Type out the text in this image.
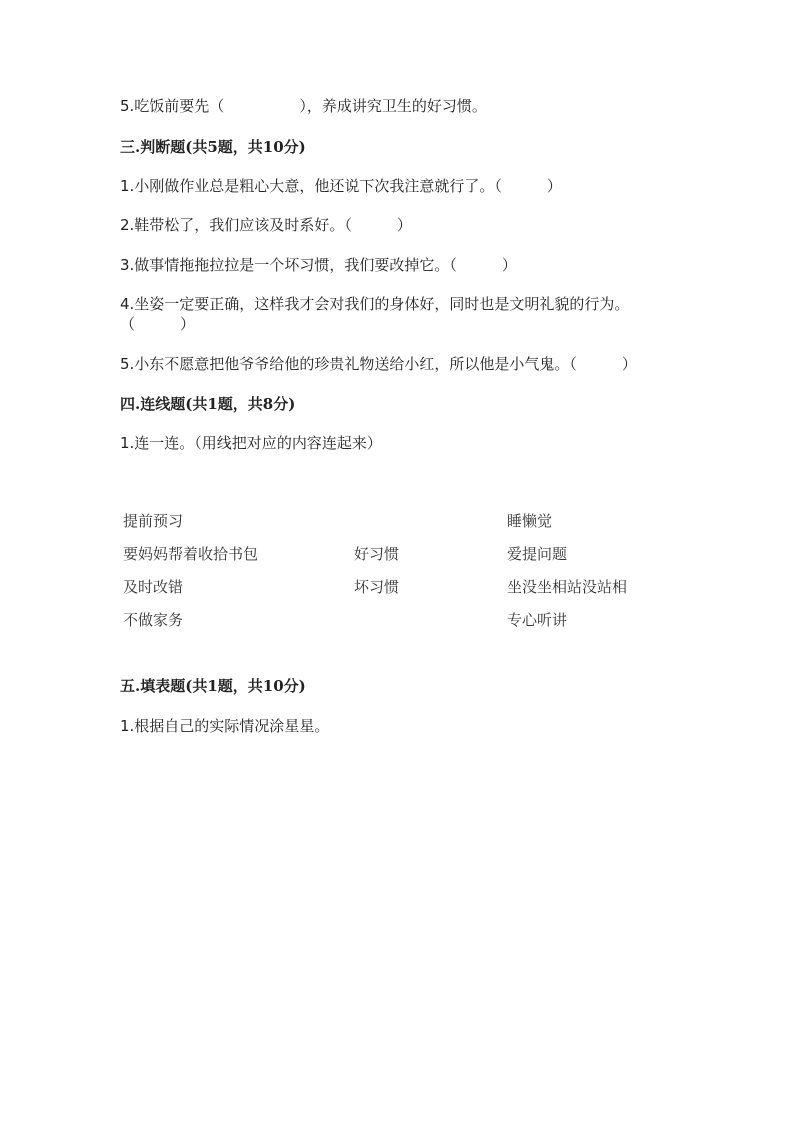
5.吃饭前要先（　　　　　），养成讲究卫生的好习惯。
三.判断题(共5题，共10分)
1.小刚做作业总是粗心大意，他还说下次我注意就行了。（　　　）
2.鞋带松了，我们应该及时系好。（　　　）
3.做事情拖拖拉拉是一个坏习惯，我们要改掉它。（　　　）
4.坐姿一定要正确，这样我才会对我们的身体好，同时也是文明礼貌的行为。
（　　　）
5.小东不愿意把他爷爷给他的珍贵礼物送给小红，所以他是小气鬼。（　　　）
四.连线题(共1题，共8分)
1.连一连。（用线把对应的内容连起来）
提前预习
要妈妈帮着收拾书包
及时改错
不做家务
好习惯
坏习惯
睡懒觉
爱提问题
坐没坐相站没站相
专心听讲
五.填表题(共1题，共10分)
1.根据自己的实际情况涂星星。
